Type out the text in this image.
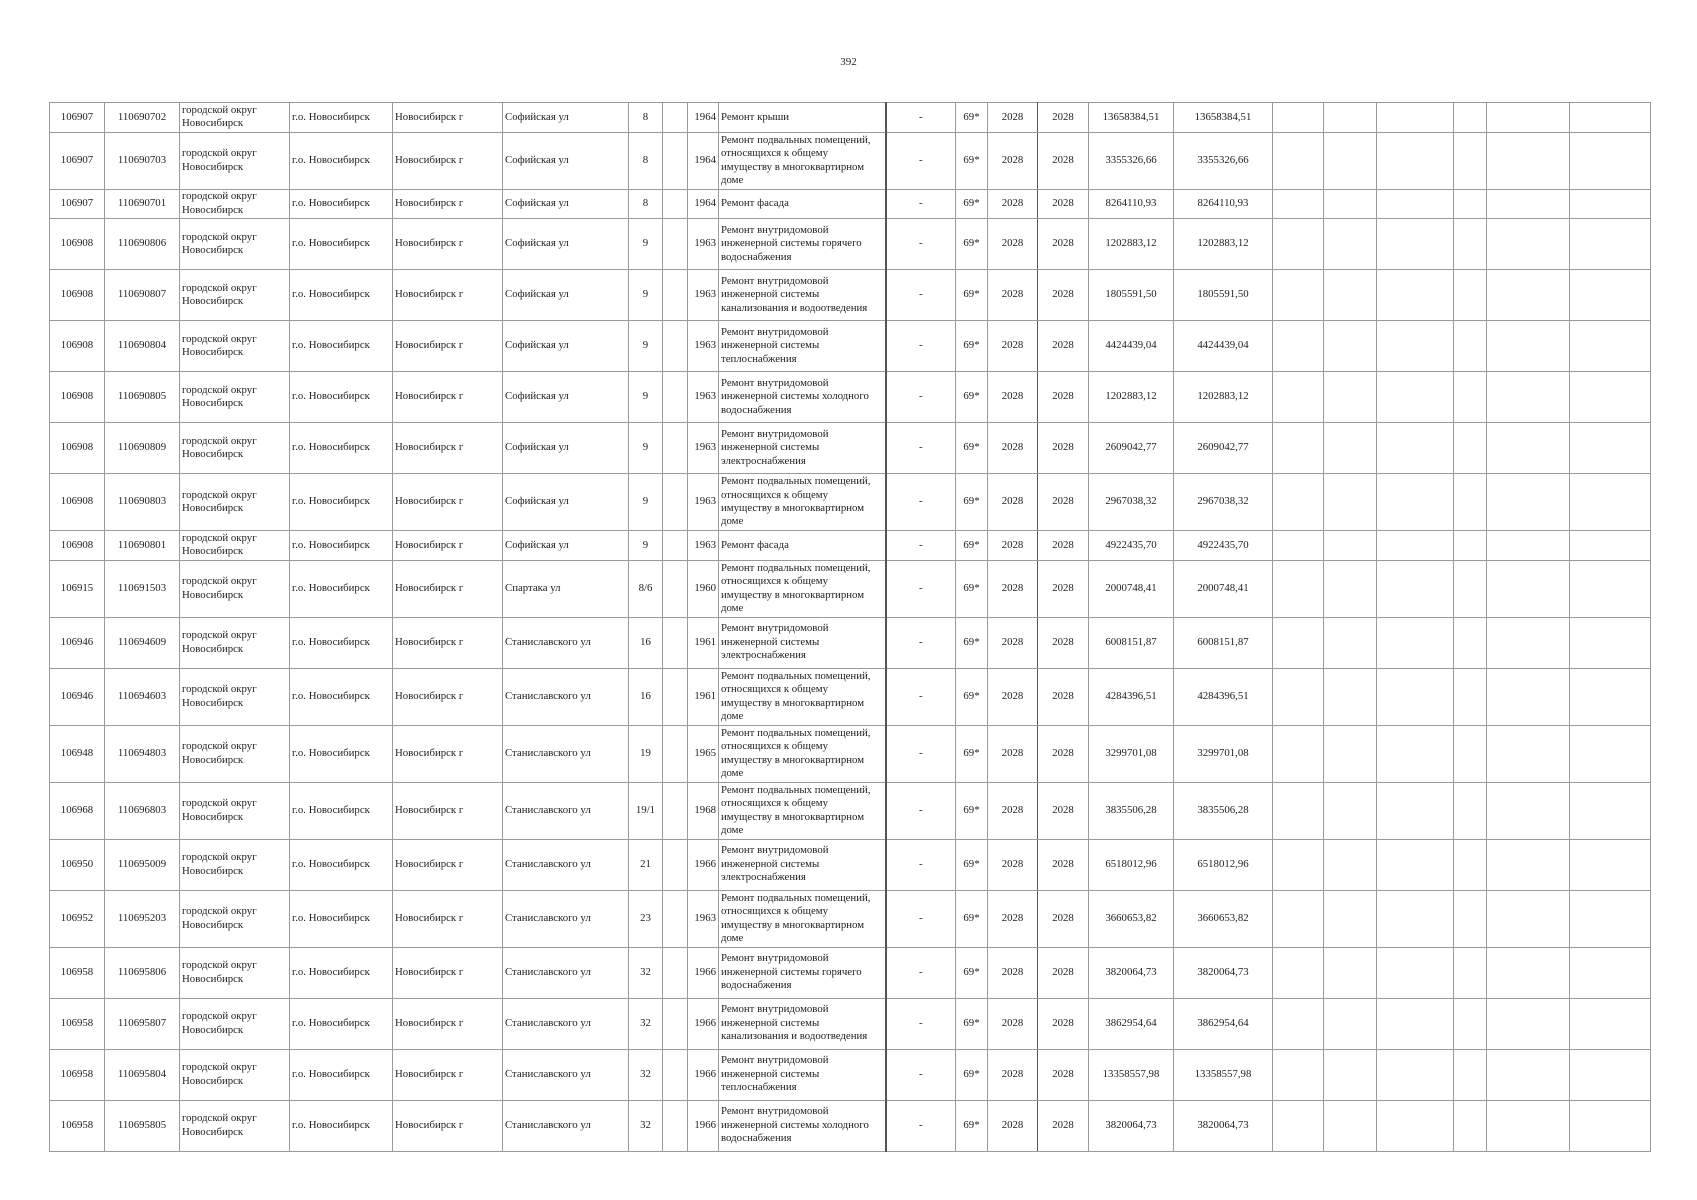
392
106907	110690702	городской округ
Новосибирск	г.о. Новосибирск	Новосибирск г	Софийская ул	8		1964	Ремонт крыши	-	69*	2028	2028	13658384,51	13658384,51						
106907	110690703	городской округ
Новосибирск	г.о. Новосибирск	Новосибирск г	Софийская ул	8		1964	Ремонт подвальных помещений,
относящихся к общему
имуществу в многоквартирном
доме	-	69*	2028	2028	3355326,66	3355326,66						
106907	110690701	городской округ
Новосибирск	г.о. Новосибирск	Новосибирск г	Софийская ул	8		1964	Ремонт фасада	-	69*	2028	2028	8264110,93	8264110,93						
106908	110690806	городской округ
Новосибирск	г.о. Новосибирск	Новосибирск г	Софийская ул	9		1963	Ремонт внутридомовой
инженерной системы горячего
водоснабжения	-	69*	2028	2028	1202883,12	1202883,12						
106908	110690807	городской округ
Новосибирск	г.о. Новосибирск	Новосибирск г	Софийская ул	9		1963	Ремонт внутридомовой
инженерной системы
канализования и водоотведения	-	69*	2028	2028	1805591,50	1805591,50						
106908	110690804	городской округ
Новосибирск	г.о. Новосибирск	Новосибирск г	Софийская ул	9		1963	Ремонт внутридомовой
инженерной системы
теплоснабжения	-	69*	2028	2028	4424439,04	4424439,04						
106908	110690805	городской округ
Новосибирск	г.о. Новосибирск	Новосибирск г	Софийская ул	9		1963	Ремонт внутридомовой
инженерной системы холодного
водоснабжения	-	69*	2028	2028	1202883,12	1202883,12						
106908	110690809	городской округ
Новосибирск	г.о. Новосибирск	Новосибирск г	Софийская ул	9		1963	Ремонт внутридомовой
инженерной системы
электроснабжения	-	69*	2028	2028	2609042,77	2609042,77						
106908	110690803	городской округ
Новосибирск	г.о. Новосибирск	Новосибирск г	Софийская ул	9		1963	Ремонт подвальных помещений,
относящихся к общему
имуществу в многоквартирном
доме	-	69*	2028	2028	2967038,32	2967038,32						
106908	110690801	городской округ
Новосибирск	г.о. Новосибирск	Новосибирск г	Софийская ул	9		1963	Ремонт фасада	-	69*	2028	2028	4922435,70	4922435,70						
106915	110691503	городской округ
Новосибирск	г.о. Новосибирск	Новосибирск г	Спартака ул	8/6		1960	Ремонт подвальных помещений,
относящихся к общему
имуществу в многоквартирном
доме	-	69*	2028	2028	2000748,41	2000748,41						
106946	110694609	городской округ
Новосибирск	г.о. Новосибирск	Новосибирск г	Станиславского ул	16		1961	Ремонт внутридомовой
инженерной системы
электроснабжения	-	69*	2028	2028	6008151,87	6008151,87						
106946	110694603	городской округ
Новосибирск	г.о. Новосибирск	Новосибирск г	Станиславского ул	16		1961	Ремонт подвальных помещений,
относящихся к общему
имуществу в многоквартирном
доме	-	69*	2028	2028	4284396,51	4284396,51						
106948	110694803	городской округ
Новосибирск	г.о. Новосибирск	Новосибирск г	Станиславского ул	19		1965	Ремонт подвальных помещений,
относящихся к общему
имуществу в многоквартирном
доме	-	69*	2028	2028	3299701,08	3299701,08						
106968	110696803	городской округ
Новосибирск	г.о. Новосибирск	Новосибирск г	Станиславского ул	19/1		1968	Ремонт подвальных помещений,
относящихся к общему
имуществу в многоквартирном
доме	-	69*	2028	2028	3835506,28	3835506,28						
106950	110695009	городской округ
Новосибирск	г.о. Новосибирск	Новосибирск г	Станиславского ул	21		1966	Ремонт внутридомовой
инженерной системы
электроснабжения	-	69*	2028	2028	6518012,96	6518012,96						
106952	110695203	городской округ
Новосибирск	г.о. Новосибирск	Новосибирск г	Станиславского ул	23		1963	Ремонт подвальных помещений,
относящихся к общему
имуществу в многоквартирном
доме	-	69*	2028	2028	3660653,82	3660653,82						
106958	110695806	городской округ
Новосибирск	г.о. Новосибирск	Новосибирск г	Станиславского ул	32		1966	Ремонт внутридомовой
инженерной системы горячего
водоснабжения	-	69*	2028	2028	3820064,73	3820064,73						
106958	110695807	городской округ
Новосибирск	г.о. Новосибирск	Новосибирск г	Станиславского ул	32		1966	Ремонт внутридомовой
инженерной системы
канализования и водоотведения	-	69*	2028	2028	3862954,64	3862954,64						
106958	110695804	городской округ
Новосибирск	г.о. Новосибирск	Новосибирск г	Станиславского ул	32		1966	Ремонт внутридомовой
инженерной системы
теплоснабжения	-	69*	2028	2028	13358557,98	13358557,98						
106958	110695805	городской округ
Новосибирск	г.о. Новосибирск	Новосибирск г	Станиславского ул	32		1966	Ремонт внутридомовой
инженерной системы холодного
водоснабжения	-	69*	2028	2028	3820064,73	3820064,73						
